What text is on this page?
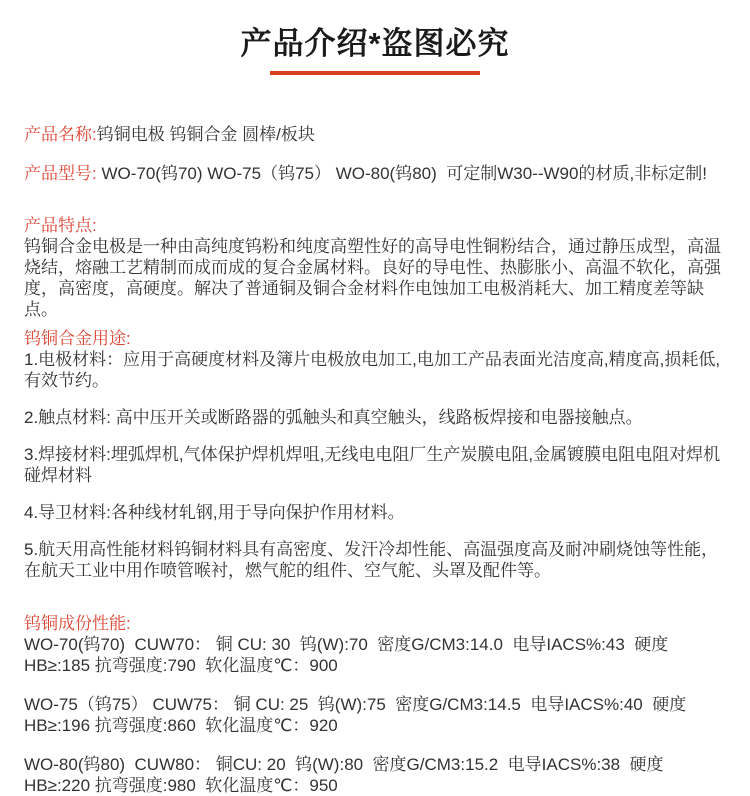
产品介绍*盗图必究

产品名称:钨铜电极 钨铜合金 圆棒/板块

产品型号: WO-70(钨70) WO-75（钨75） WO-80(钨80)  可定制W30--W90的材质,非标定制!

产品特点:

钨铜合金电极是一种由高纯度钨粉和纯度高塑性好的高导电性铜粉结合，通过静压成型，高温烧结，熔融工艺精制而成而成的复合金属材料。良好的导电性、热膨胀小、高温不软化，高强度，高密度，高硬度。解决了普通铜及铜合金材料作电蚀加工电极消耗大、加工精度差等缺点。

钨铜合金用途:

1.电极材料：应用于高硬度材料及簿片电极放电加工,电加工产品表面光洁度高,精度高,损耗低,有效节约。

2.触点材料: 高中压开关或断路器的弧触头和真空触头，线路板焊接和电器接触点。

3.焊接材料:埋弧焊机,气体保护焊机焊咀,无线电电阻厂生产炭膜电阻,金属镀膜电阻电阻对焊机碰焊材料

4.导卫材料:各种线材轧钢,用于导向保护作用材料。

5.航天用高性能材料钨铜材料具有高密度、发汗冷却性能、高温强度高及耐冲刷烧蚀等性能，在航天工业中用作喷管喉衬，燃气舵的组件、空气舵、头罩及配件等。

钨铜成份性能:

WO-70(钨70)  CUW70： 铜 CU: 30  钨(W):70  密度G/CM3:14.0  电导IACS%:43  硬度HB≥:185 抗弯强度:790  软化温度℃：900

WO-75（钨75） CUW75： 铜 CU: 25  钨(W):75  密度G/CM3:14.5  电导IACS%:40  硬度HB≥:196 抗弯强度:860  软化温度℃：920

WO-80(钨80)  CUW80： 铜CU: 20  钨(W):80  密度G/CM3:15.2  电导IACS%:38  硬度HB≥:220 抗弯强度:980  软化温度℃：950
